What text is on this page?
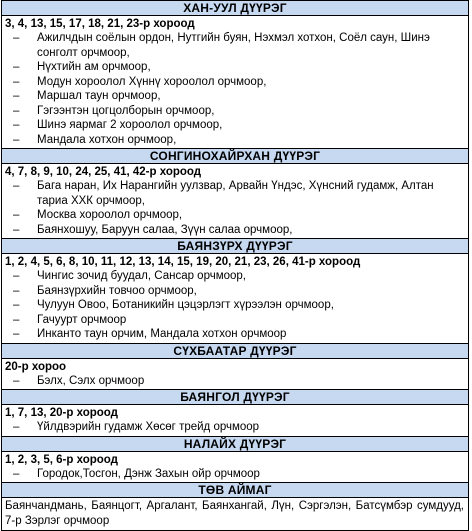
ХАН-УУЛ ДҮҮРЭГ

3, 4, 13, 15, 17, 18, 21, 23-р хороод
– Ажилчдын соёлын ордон, Нутгийн буян, Нэхмэл хотхон, Соёл саун, Шинэ сонголт орчмоор,
– Нүхтийн ам орчмоор,
– Модун хороолол Хүннү хороолол орчмоор,
– Маршал таун орчмоор,
– Гэгээнтэн цогцолборын орчмоор,
– Шинэ яармаг 2 хороолол орчмоор,
– Мандала хотхон орчмоор,

СОНГИНОХАЙРХАН ДҮҮРЭГ

4, 7, 8, 9, 10, 24, 25, 41, 42-р хороод
– Бага наран, Их Нарангийн уулзвар, Арвайн Үндэс, Хүнсний гудамж, Алтан тариа ХХК орчмоор,
– Москва хороолол орчмоор,
– Баянхошуу, Баруун салаа, Зүүн салаа орчмоор,

БАЯНЗҮРХ ДҮҮРЭГ

1, 2, 4, 5, 6, 8, 10, 11, 12, 13, 14, 15, 19, 20, 21, 23, 26, 41-р хороод
– Чингис зочид буудал, Сансар орчмоор,
– Баянзүрхийн товчоо орчмоор,
– Чулуун Овоо, Ботаникийн цэцэрлэгт хүрээлэн орчмоор,
– Гачуурт орчмоор
– Инканто таун орчим, Мандала хотхон орчмоор

СҮХБААТАР ДҮҮРЭГ

20-р хороо
– Бэлх, Сэлх орчмоор

БАЯНГОЛ ДҮҮРЭГ

1, 7, 13, 20-р хороод
– Үйлдвэрийн гудамж Хөсөг трейд орчмоор

НАЛАЙХ ДҮҮРЭГ

1, 2, 3, 5, 6-р хороод
– Городок,Тосгон, Дэнж Захын ойр орчмоор

ТӨВ АЙМАГ

Баянчандмань, Баянцогт, Аргалант, Баянхангай, Лүн, Сэргэлэн, Батсүмбэр сумдууд, 7-р Зэрлэг орчмоор
